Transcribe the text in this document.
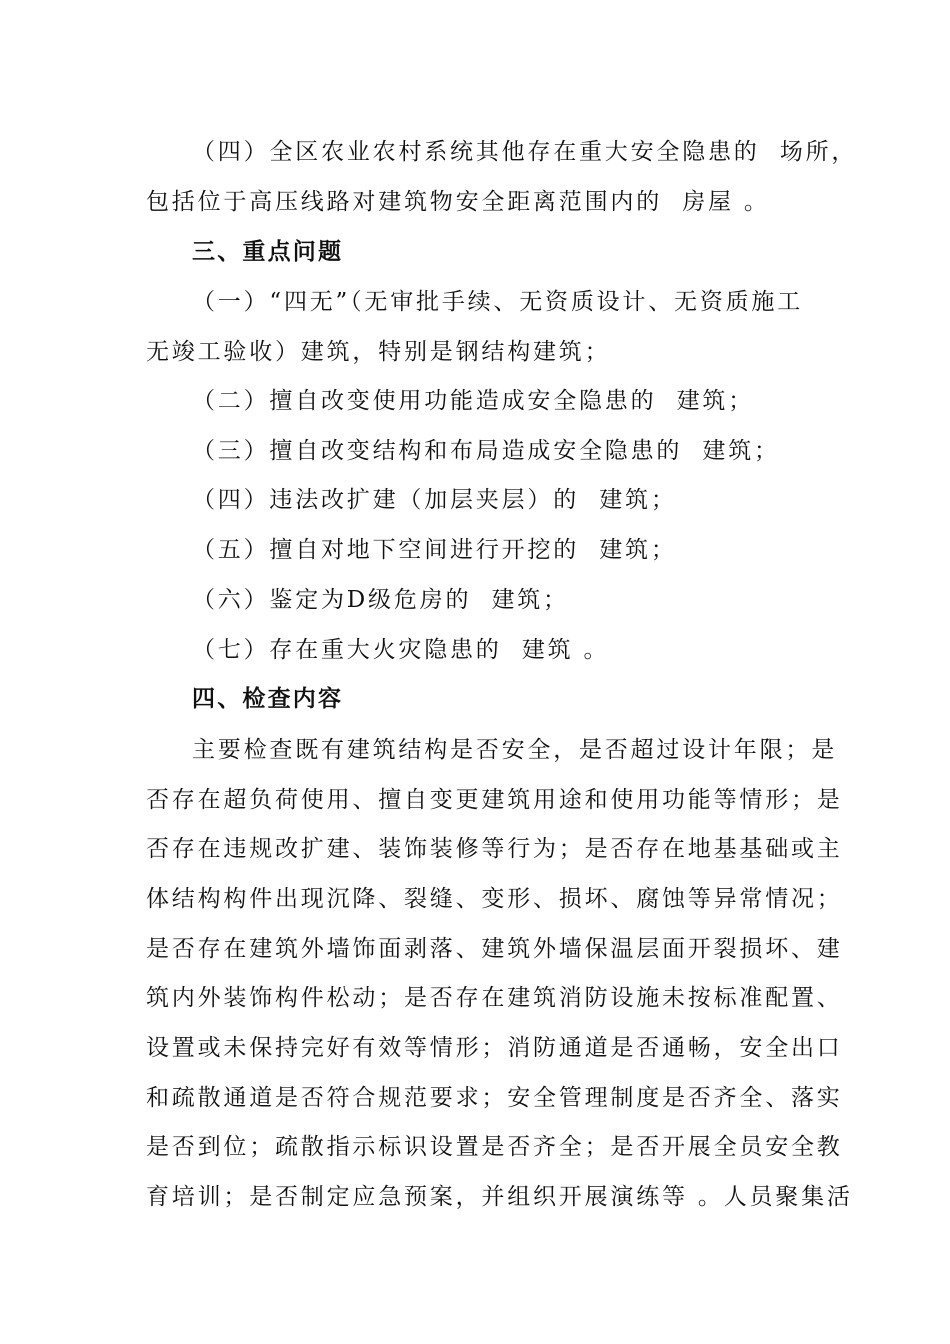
（四）全区农业农村系统其他存在重大安全隐患的  场所，
包括位于高压线路对建筑物安全距离范围内的  房屋 。
三、重点问题
（一）“四无”（无审批手续、无资质设计、无资质施工
无竣工验收）建筑，特别是钢结构建筑；
（二）擅自改变使用功能造成安全隐患的  建筑；
（三）擅自改变结构和布局造成安全隐患的  建筑；
（四）违法改扩建（加层夹层）的  建筑；
（五）擅自对地下空间进行开挖的  建筑；
（六）鉴定为D级危房的  建筑；
（七）存在重大火灾隐患的  建筑 。
四、检查内容
主要检查既有建筑结构是否安全，是否超过设计年限；是
否存在超负荷使用、擅自变更建筑用途和使用功能等情形；是
否存在违规改扩建、装饰装修等行为；是否存在地基基础或主
体结构构件出现沉降、裂缝、变形、损坏、腐蚀等异常情况；
是否存在建筑外墙饰面剥落、建筑外墙保温层面开裂损坏、建
筑内外装饰构件松动；是否存在建筑消防设施未按标准配置、
设置或未保持完好有效等情形；消防通道是否通畅，安全出口
和疏散通道是否符合规范要求；安全管理制度是否齐全、落实
是否到位；疏散指示标识设置是否齐全；是否开展全员安全教
育培训；是否制定应急预案，并组织开展演练等 。人员聚集活
